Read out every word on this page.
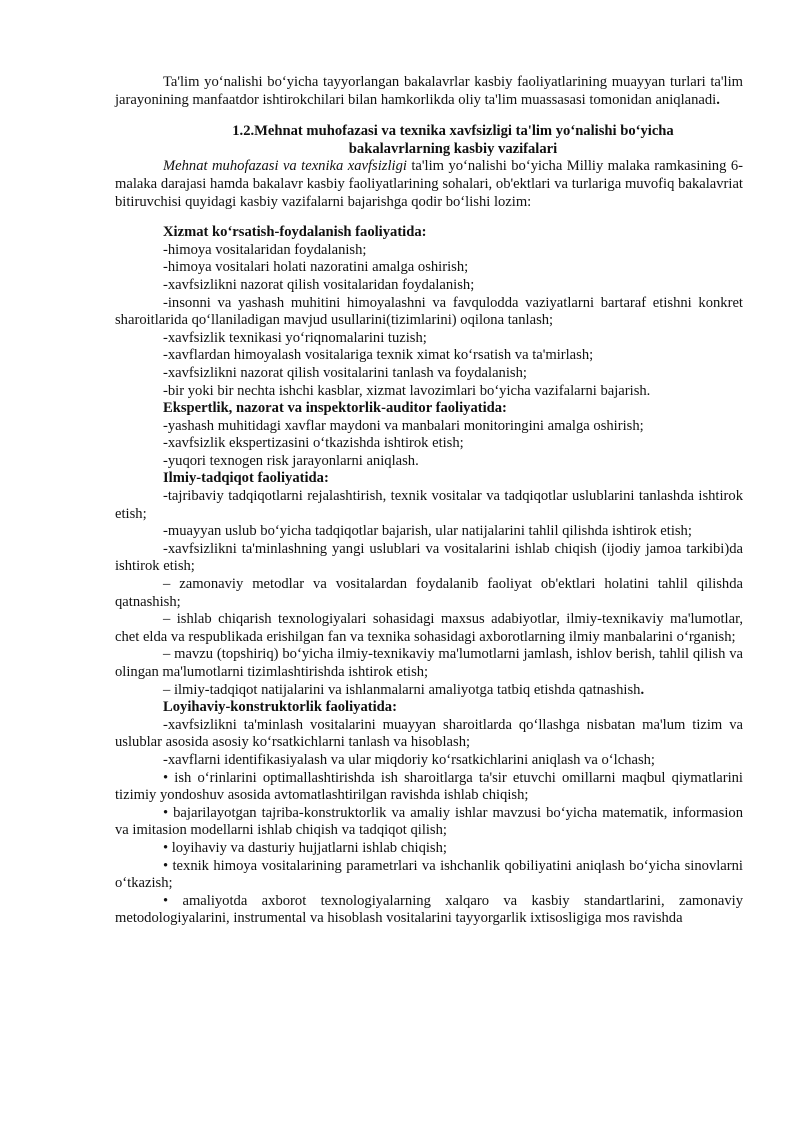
Ta'lim yo‘nalishi bo‘yicha tayyorlangan bakalavrlar kasbiy faoliyatlarining muayyan turlari ta'lim jarayonining manfaatdor ishtirokchilari bilan hamkorlikda oliy ta'lim muassasasi tomonidan aniqlanadi.

1.2.Mehnat muhofazasi va texnika xavfsizligi ta'lim yo‘nalishi bo‘yicha
bakalavrlarning kasbiy vazifalari

Mehnat muhofazasi va texnika xavfsizligi ta'lim yo‘nalishi bo‘yicha Milliy malaka ramkasining 6-malaka darajasi hamda bakalavr kasbiy faoliyatlarining sohalari, ob'ektlari va turlariga muvofiq bakalavriat bitiruvchisi quyidagi kasbiy vazifalarni bajarishga qodir bo‘lishi lozim:

Xizmat ko‘rsatish-foydalanish faoliyatida:

-himoya vositalaridan foydalanish;

-himoya vositalari holati nazoratini amalga oshirish;

-xavfsizlikni nazorat qilish vositalaridan foydalanish;

-insonni va yashash muhitini himoyalashni va favqulodda vaziyatlarni bartaraf etishni konkret sharoitlarida qo‘llaniladigan mavjud usullarini(tizimlarini) oqilona tanlash;

-xavfsizlik texnikasi yo‘riqnomalarini tuzish;

-xavflardan himoyalash vositalariga texnik ximat ko‘rsatish va ta'mirlash;

-xavfsizlikni nazorat qilish vositalarini tanlash va foydalanish;

-bir yoki bir nechta ishchi kasblar, xizmat lavozimlari bo‘yicha vazifalarni bajarish.

Ekspertlik, nazorat va inspektorlik-auditor faoliyatida:

-yashash muhitidagi xavflar maydoni va manbalari monitoringini amalga oshirish;

-xavfsizlik ekspertizasini o‘tkazishda ishtirok etish;

-yuqori texnogen risk jarayonlarni aniqlash.

Ilmiy-tadqiqot faoliyatida:

-tajribaviy tadqiqotlarni rejalashtirish, texnik vositalar va tadqiqotlar uslublarini tanlashda ishtirok etish;

-muayyan uslub bo‘yicha tadqiqotlar bajarish, ular natijalarini tahlil qilishda ishtirok etish;

-xavfsizlikni ta'minlashning yangi uslublari va vositalarini ishlab chiqish (ijodiy jamoa tarkibi)da ishtirok etish;

– zamonaviy metodlar va vositalardan foydalanib faoliyat ob'ektlari holatini tahlil qilishda qatnashish;

– ishlab chiqarish texnologiyalari sohasidagi maxsus adabiyotlar, ilmiy-texnikaviy ma'lumotlar, chet elda va respublikada erishilgan fan va texnika sohasidagi axborotlarning ilmiy manbalarini o‘rganish;

– mavzu (topshiriq) bo‘yicha ilmiy-texnikaviy ma'lumotlarni jamlash, ishlov berish, tahlil qilish va olingan ma'lumotlarni tizimlashtirishda ishtirok etish;

– ilmiy-tadqiqot natijalarini va ishlanmalarni amaliyotga tatbiq etishda qatnashish.

Loyihaviy-konstruktorlik faoliyatida:

-xavfsizlikni ta'minlash vositalarini muayyan sharoitlarda qo‘llashga nisbatan ma'lum tizim va uslublar asosida asosiy ko‘rsatkichlarni tanlash va hisoblash;

-xavflarni identifikasiyalash va ular miqdoriy ko‘rsatkichlarini aniqlash va o‘lchash;

• ish o‘rinlarini optimallashtirishda ish sharoitlarga ta'sir etuvchi omillarni maqbul qiymatlarini tizimiy yondoshuv asosida avtomatlashtirilgan ravishda ishlab chiqish;

• bajarilayotgan tajriba-konstruktorlik va amaliy ishlar mavzusi bo‘yicha matematik, informasion va imitasion modellarni ishlab chiqish va tadqiqot qilish;

• loyihaviy va dasturiy hujjatlarni ishlab chiqish;

• texnik himoya vositalarining parametrlari va ishchanlik qobiliyatini aniqlash bo‘yicha sinovlarni o‘tkazish;

• amaliyotda axborot texnologiyalarning xalqaro va kasbiy standartlarini, zamonaviy metodologiyalarini, instrumental va hisoblash vositalarini tayyorgarlik ixtisosligiga mos ravishda
